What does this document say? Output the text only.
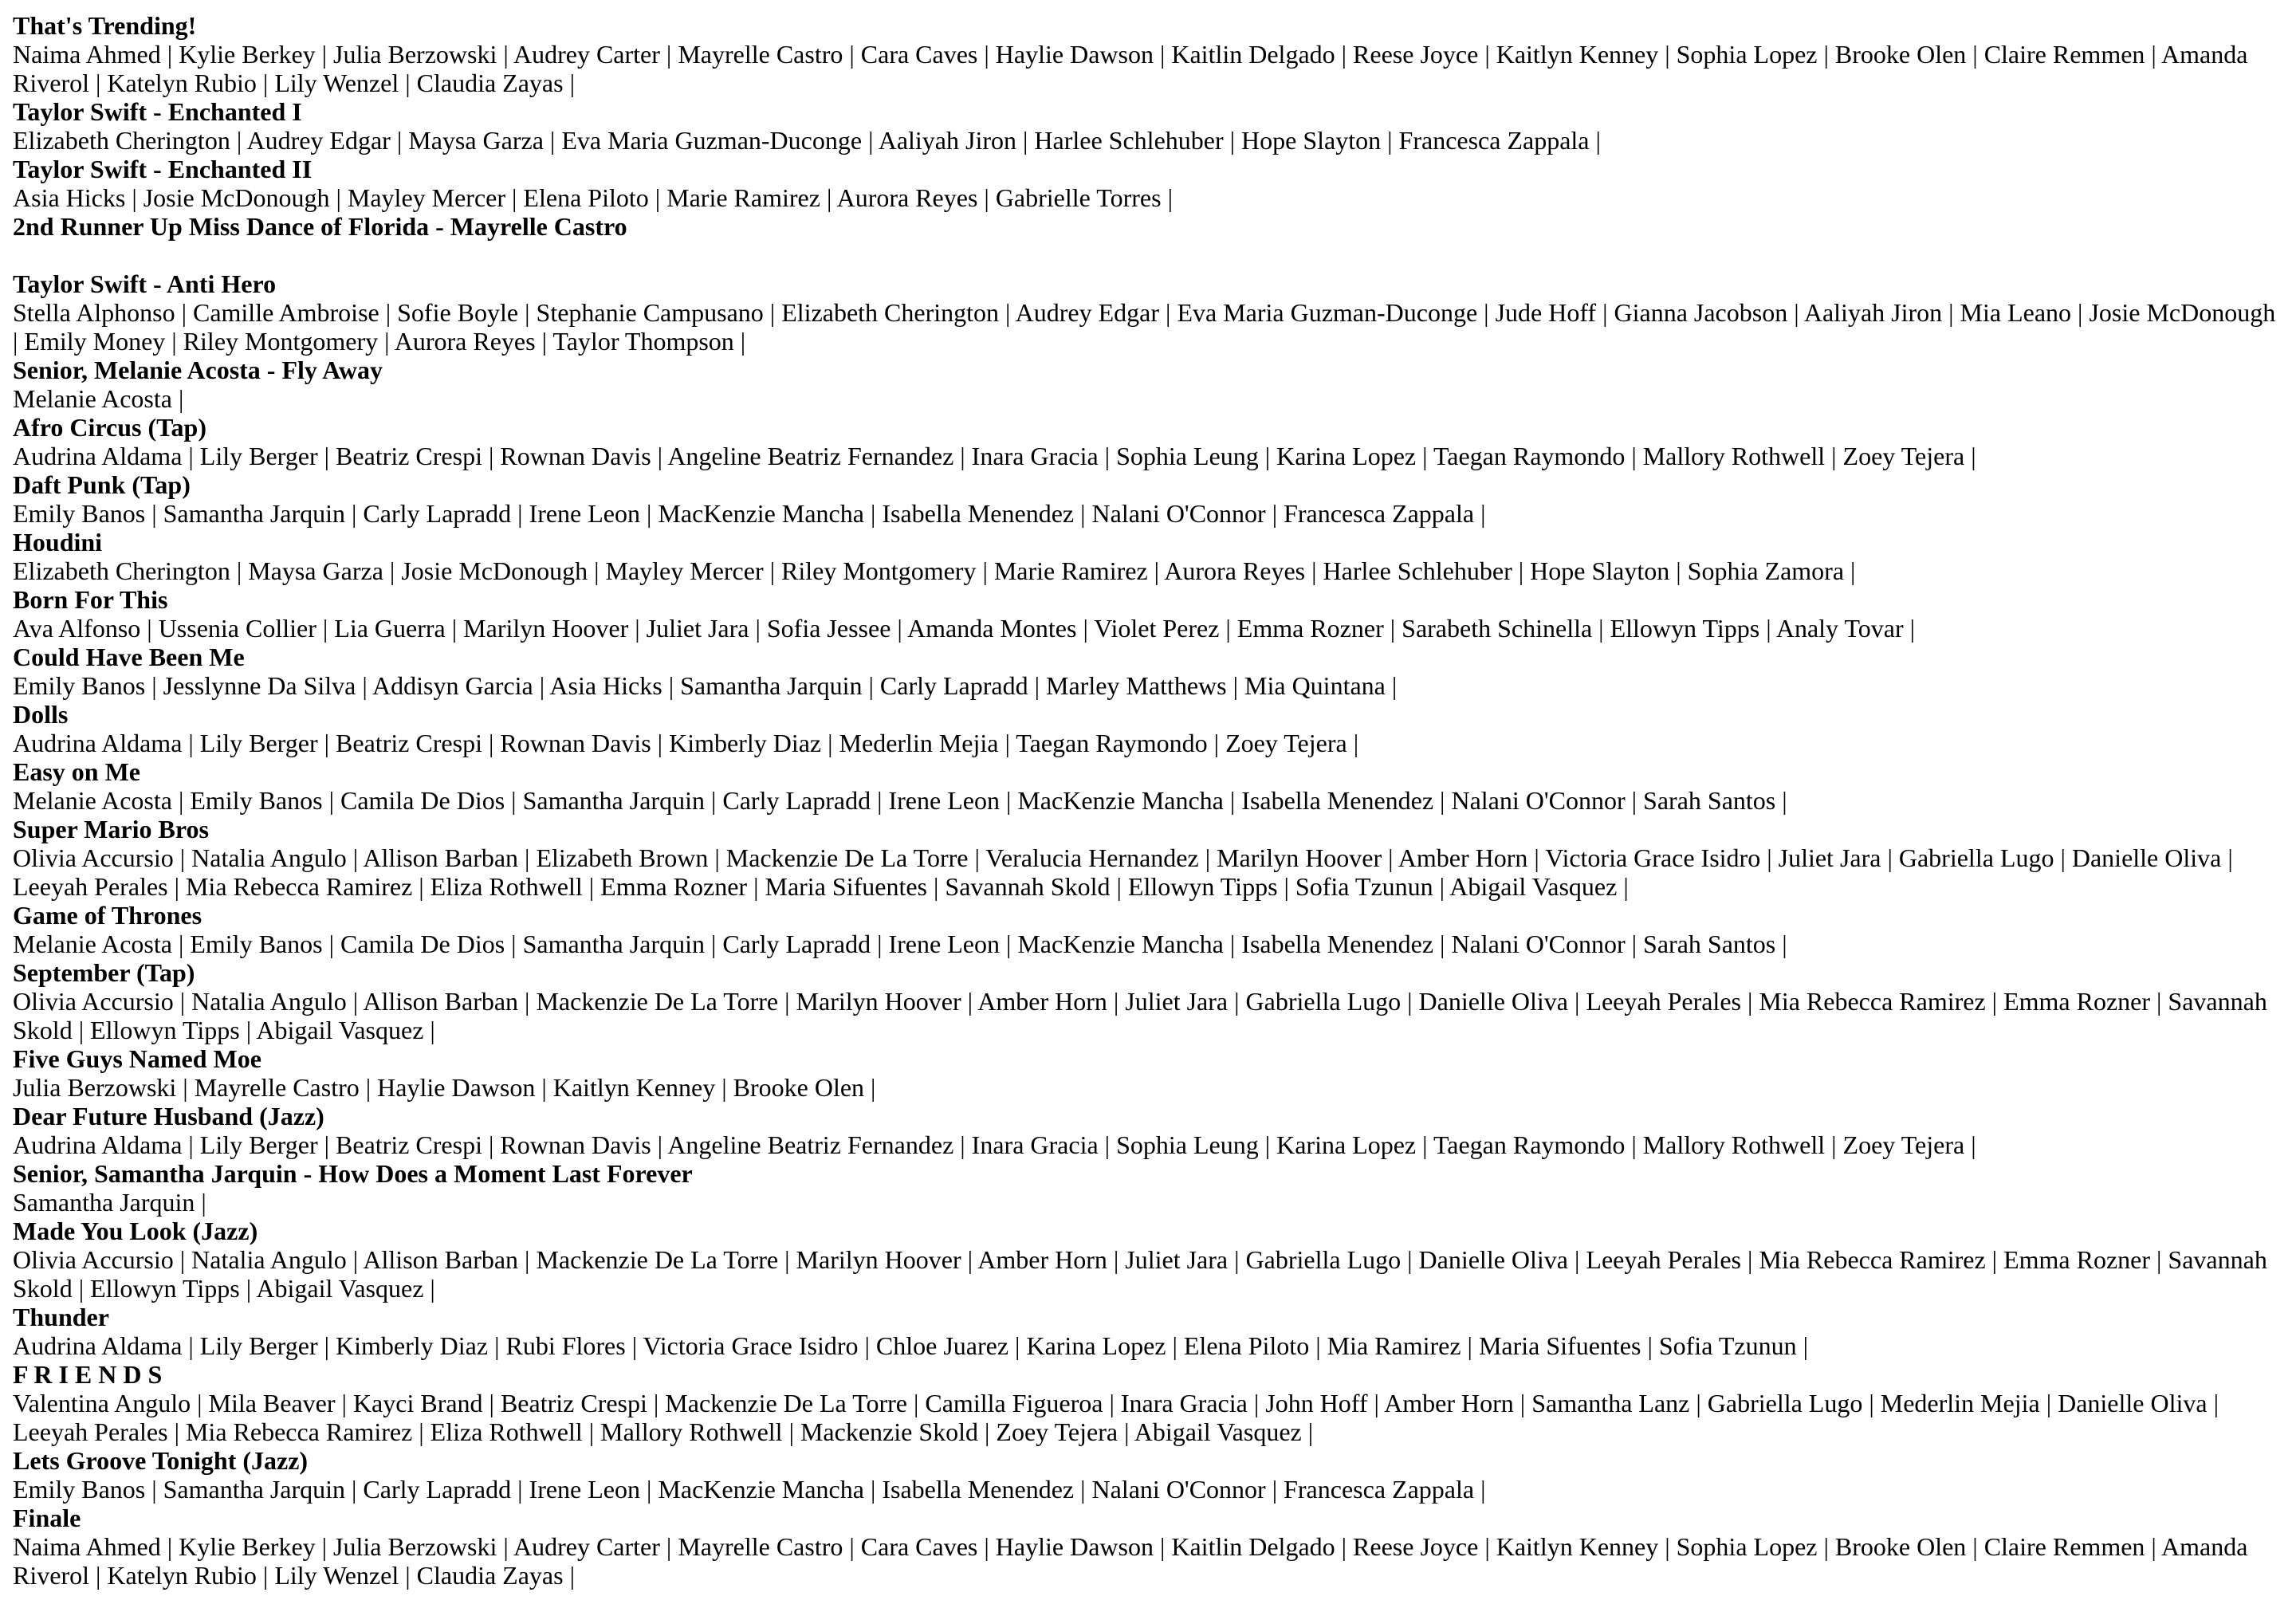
That's Trending!
Naima Ahmed | Kylie Berkey | Julia Berzowski | Audrey Carter | Mayrelle Castro | Cara Caves | Haylie Dawson | Kaitlin Delgado | Reese Joyce | Kaitlyn Kenney | Sophia Lopez | Brooke Olen | Claire Remmen | Amanda Riverol | Katelyn Rubio | Lily Wenzel | Claudia Zayas |
Taylor Swift - Enchanted I
Elizabeth Cherington | Audrey Edgar | Maysa Garza | Eva Maria Guzman-Duconge | Aaliyah Jiron | Harlee Schlehuber | Hope Slayton | Francesca Zappala |
Taylor Swift - Enchanted II
Asia Hicks | Josie McDonough | Mayley Mercer | Elena Piloto | Marie Ramirez | Aurora Reyes | Gabrielle Torres |
2nd Runner Up Miss Dance of Florida - Mayrelle Castro
Taylor Swift - Anti Hero
Stella Alphonso | Camille Ambroise | Sofie Boyle | Stephanie Campusano | Elizabeth Cherington | Audrey Edgar | Eva Maria Guzman-Duconge | Jude Hoff | Gianna Jacobson | Aaliyah Jiron | Mia Leano | Josie McDonough | Emily Money | Riley Montgomery | Aurora Reyes | Taylor Thompson |
Senior, Melanie Acosta - Fly Away
Melanie Acosta |
Afro Circus (Tap)
Audrina Aldama | Lily Berger | Beatriz Crespi | Rownan Davis | Angeline Beatriz Fernandez | Inara Gracia | Sophia Leung | Karina Lopez | Taegan Raymondo | Mallory Rothwell | Zoey Tejera |
Daft Punk (Tap)
Emily Banos | Samantha Jarquin | Carly Lapradd | Irene Leon | MacKenzie Mancha | Isabella Menendez | Nalani O'Connor | Francesca Zappala |
Houdini
Elizabeth Cherington | Maysa Garza | Josie McDonough | Mayley Mercer | Riley Montgomery | Marie Ramirez | Aurora Reyes | Harlee Schlehuber | Hope Slayton | Sophia Zamora |
Born For This
Ava Alfonso | Ussenia Collier | Lia Guerra | Marilyn Hoover | Juliet Jara | Sofia Jessee | Amanda Montes | Violet Perez | Emma Rozner | Sarabeth Schinella | Ellowyn Tipps | Analy Tovar |
Could Have Been Me
Emily Banos | Jesslynne Da Silva | Addisyn Garcia | Asia Hicks | Samantha Jarquin | Carly Lapradd | Marley Matthews | Mia Quintana |
Dolls
Audrina Aldama | Lily Berger | Beatriz Crespi | Rownan Davis | Kimberly Diaz | Mederlin Mejia | Taegan Raymondo | Zoey Tejera |
Easy on Me
Melanie Acosta | Emily Banos | Camila De Dios | Samantha Jarquin | Carly Lapradd | Irene Leon | MacKenzie Mancha | Isabella Menendez | Nalani O'Connor | Sarah Santos |
Super Mario Bros
Olivia Accursio | Natalia Angulo | Allison Barban | Elizabeth Brown | Mackenzie De La Torre | Veralucia Hernandez | Marilyn Hoover | Amber Horn | Victoria Grace Isidro | Juliet Jara | Gabriella Lugo | Danielle Oliva | Leeyah Perales | Mia Rebecca Ramirez | Eliza Rothwell | Emma Rozner | Maria Sifuentes | Savannah Skold | Ellowyn Tipps | Sofia Tzunun | Abigail Vasquez |
Game of Thrones
Melanie Acosta | Emily Banos | Camila De Dios | Samantha Jarquin | Carly Lapradd | Irene Leon | MacKenzie Mancha | Isabella Menendez | Nalani O'Connor | Sarah Santos |
September (Tap)
Olivia Accursio | Natalia Angulo | Allison Barban | Mackenzie De La Torre | Marilyn Hoover | Amber Horn | Juliet Jara | Gabriella Lugo | Danielle Oliva | Leeyah Perales | Mia Rebecca Ramirez | Emma Rozner | Savannah Skold | Ellowyn Tipps | Abigail Vasquez |
Five Guys Named Moe
Julia Berzowski | Mayrelle Castro | Haylie Dawson | Kaitlyn Kenney | Brooke Olen |
Dear Future Husband (Jazz)
Audrina Aldama | Lily Berger | Beatriz Crespi | Rownan Davis | Angeline Beatriz Fernandez | Inara Gracia | Sophia Leung | Karina Lopez | Taegan Raymondo | Mallory Rothwell | Zoey Tejera |
Senior, Samantha Jarquin - How Does a Moment Last Forever
Samantha Jarquin |
Made You Look (Jazz)
Olivia Accursio | Natalia Angulo | Allison Barban | Mackenzie De La Torre | Marilyn Hoover | Amber Horn | Juliet Jara | Gabriella Lugo | Danielle Oliva | Leeyah Perales | Mia Rebecca Ramirez | Emma Rozner | Savannah Skold | Ellowyn Tipps | Abigail Vasquez |
Thunder
Audrina Aldama | Lily Berger | Kimberly Diaz | Rubi Flores | Victoria Grace Isidro | Chloe Juarez | Karina Lopez | Elena Piloto | Mia Ramirez | Maria Sifuentes | Sofia Tzunun |
F R I E N D S
Valentina Angulo | Mila Beaver | Kayci Brand | Beatriz Crespi | Mackenzie De La Torre | Camilla Figueroa | Inara Gracia | John Hoff | Amber Horn | Samantha Lanz | Gabriella Lugo | Mederlin Mejia | Danielle Oliva | Leeyah Perales | Mia Rebecca Ramirez | Eliza Rothwell | Mallory Rothwell | Mackenzie Skold | Zoey Tejera | Abigail Vasquez |
Lets Groove Tonight (Jazz)
Emily Banos | Samantha Jarquin | Carly Lapradd | Irene Leon | MacKenzie Mancha | Isabella Menendez | Nalani O'Connor | Francesca Zappala |
Finale
Naima Ahmed | Kylie Berkey | Julia Berzowski | Audrey Carter | Mayrelle Castro | Cara Caves | Haylie Dawson | Kaitlin Delgado | Reese Joyce | Kaitlyn Kenney | Sophia Lopez | Brooke Olen | Claire Remmen | Amanda Riverol | Katelyn Rubio | Lily Wenzel | Claudia Zayas |
